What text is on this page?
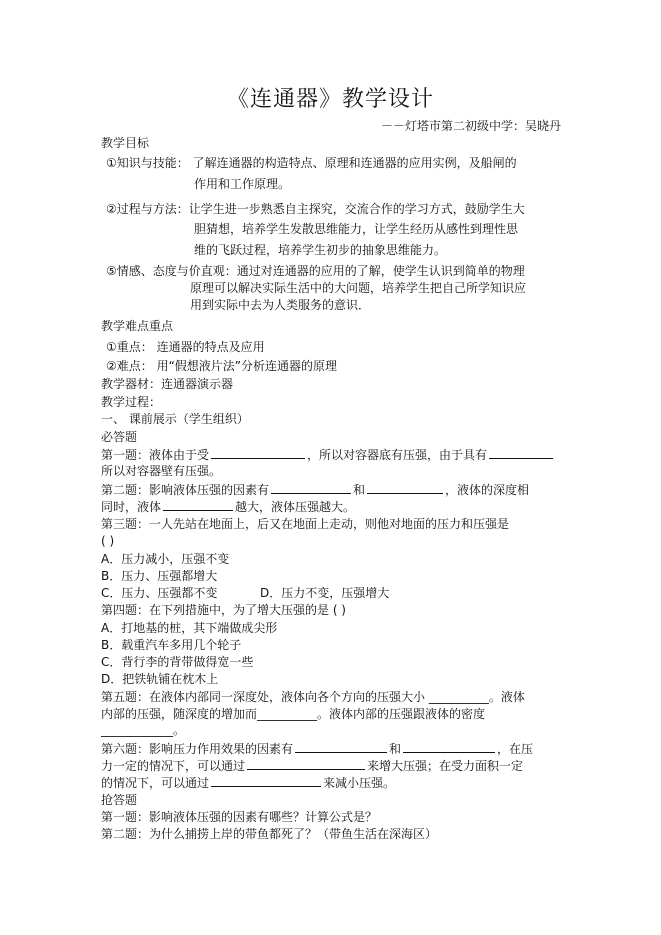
《连通器》教学设计
－－灯塔市第二初级中学：吴晓丹
教学目标
①知识与技能： 了解连通器的构造特点、原理和连通器的应用实例，及船闸的
作用和工作原理。
②过程与方法：让学生进一步熟悉自主探究，交流合作的学习方式，鼓励学生大
胆猜想，培养学生发散思维能力，让学生经历从感性到理性思
维的飞跃过程，培养学生初步的抽象思维能力。
⑤情感、态度与价直观：通过对连通器的应用的了解，使学生认识到简单的物理
原理可以解决实际生活中的大问题，培养学生把自己所学知识应
用到实际中去为人类服务的意识．
教学难点重点
①重点： 连通器的特点及应用
②难点： 用“假想液片法”分析连通器的原理
教学器材：连通器演示器
教学过程：
一、 课前展示（学生组织）
必答题
第一题：液体由于受	，所以对容器底有压强，由于具有
所以对容器壁有压强。
第二题：影响液体压强的因素有	和	，液体的深度相
同时，液体	越大，液体压强越大。
第三题：一人先站在地面上，后又在地面上走动，则他对地面的压力和压强是
( )
A．压力减小，压强不变
B．压力、压强都增大
C．压力、压强都不变	D．压力不变，压强增大
第四题：在下列措施中，为了增大压强的是 ( )
A．打地基的桩，其下端做成尖形
B．载重汽车多用几个轮子
C．背行李的背带做得宽一些
D．把铁轨铺在枕木上
第五题：在液体内部同一深度处，液体向各个方向的压强大小 __________。液体
内部的压强，随深度的增加而__________。液体内部的压强跟液体的密度
____________。
第六题：影响压力作用效果的因素有	和	，在压
力一定的情况下，可以通过	来增大压强；在受力面积一定
的情况下，可以通过	来减小压强。
抢答题
第一题：影响液体压强的因素有哪些？计算公式是？
第二题：为什么捕捞上岸的带鱼都死了？（带鱼生活在深海区）
